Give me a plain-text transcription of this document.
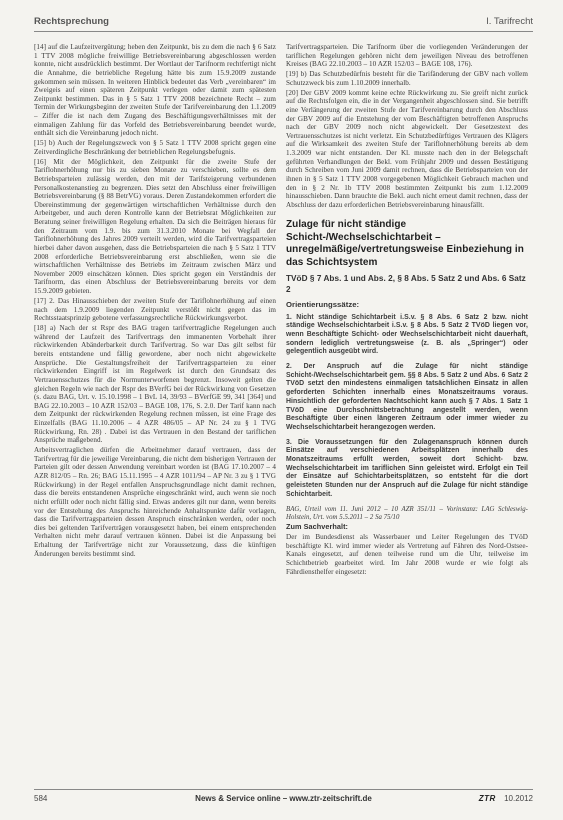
Rechtsprechung	I. Tarifrecht

[14] auf die Laufzeitvergütung; heben den Zeitpunkt, bis zu dem die nach § 6 Satz 1 TTV 2008 mögliche freiwillige Betriebsvereinbarung abgeschlossen werden konnte, nicht ausdrücklich bestimmt. Der Wortlaut der Tarifnorm rechtfertigt nicht die Annahme, die betriebliche Regelung hätte bis zum 15.9.2009 zustande gekommen sein müssen. In weiteren Hinblick bedeutet das Verb „vereinbaren“ im Zweigeis auf einen späteren Zeitpunkt verlegen oder damit zum spätesten Zeitpunkt bestimmen. Das in § 5 Satz 1 TTV 2008 bezeichnete Recht – zum Termin der Wirkungsbeginn der zweiten Stufe der Tarifvereinbarung den 1.1.2009 – Ziffer die ist nach dem Zugang des Beschäftigungsverhältnisses mit der einmaligen Zahlung für das Vorfeld des Betriebsvereinbarung beendet wurde, enthält sich die Vereinbarung jedoch nicht.

[15] b) Auch der Regelungszweck von § 5 Satz 1 TTV 2008 spricht gegen eine Zeitverdingliche Beschränkung der betrieblichen Regelungsbefugnis.

[16] Mit der Möglichkeit, den Zeitpunkt für die zweite Stufe der Tariflohnerhöhung nur bis zu sieben Monate zu verschieben, sollte es dem Betriebsparteien zulässig werden, den mit der Tarifsteigerung verbundenen Personalkostenanstieg zu begrenzen. Dies setzt den Abschluss einer freiwilligen Betriebsvereinbarung (§ 88 BetrVG) voraus. Deren Zustandekommen erfordert die Übereinstimmung der gegenwärtigen wirtschaftlichen Verhältnisse durch den Arbeitgeber, und auch deren Kontrolle kann der Betriebsrat Möglichkeiten zur Beratung seiner freiwilligen Regelung erhalten. Da sich die Beiträgen hieraus für den Zeitraum vom 1.9. bis zum 31.3.2010 Monate bei Wegfall der Tariflohnerhöhung des Jahres 2009 verteilt werden, wird die Tarifvertragsparteien hierbei daher davon ausgehen, dass die Betriebsparteien die nach § 5 Satz 1 TTV 2008 erforderliche Betriebsvereinbarung erst abschließen, wenn sie die wirtschaftlichen Verhältnisse des Betriebs im Zeitraum zwischen März und November 2009 einschätzen können. Dies spricht gegen ein Verständnis der Tarifnorm, das einen Abschluss der Betriebsvereinbarung bereits vor dem 15.9.2009 gebieten.

[17] 2. Das Hinausschieben der zweiten Stufe der Tariflohnerhöhung auf einen nach dem 1.9.2009 liegenden Zeitpunkt verstößt nicht gegen das im Rechtsstaatsprinzip gebotene verfassungsrechtliche Rückwirkungsverbot.

[18] a) Nach der st Rspr des BAG tragen tarifvertragliche Regelungen auch während der Laufzeit des Tarifvertrags den immanenten Vorbehalt ihrer rückwirkenden Abänderbarkeit durch Tarifvertrag. So war Das gilt selbst für bereits entstandene und fällig gewordene, aber noch nicht abgewickelte Ansprüche. Die Gestaltungsfreiheit der Tarifvertragsparteien zu einer rückwirkenden Eingriff ist im Regelwerk ist durch den Grundsatz des Vertrauensschutzes für die Normunterworfenen begrenzt. Insoweit gelten die gleichen Regeln wie nach der Rspr des BVerfG bei der Rückwirkung von Gesetzen (s. dazu BAG, Urt. v. 15.10.1998 – 1 BvL 14, 39/93 – BVerfGE 99, 341 [364] und BAG 22.10.2003 – 10 AZR 152/03 – BAGE 108, 176, S. 2.0. Der Tarif kann nach dem Zeitpunkt der rückwirkenden Regelung rechnen müssen, ist eine Frage des Einzelfalls (BAG 11.10.2006 – 4 AZR 486/05 – AP Nr. 24 zu § 1 TVG Rückwirkung, Rn. 28) . Dabei ist das Vertrauen in den Bestand der tariflichen Ansprüche maßgebend.

Arbeitsvertraglichen dürfen die Arbeitnehmer darauf vertrauen, dass der Tarifvertrag für die jeweilige Vereinbarung, die nicht dem bisherigen Vertrauen der Parteien gilt oder dessen Anwendung vereinbart worden ist (BAG 17.10.2007 – 4 AZR 812/05 – Rn. 26; BAG 15.11.1995 – 4 AZR 1011/94 – AP Nr. 3 zu § 1 TVG Rückwirkung) in der Regel entfallen Anspruchsgrundlage nicht damit rechnen, dass die bereits entstandenen Ansprüche eingeschränkt wird, auch wenn sie noch nicht erfüllt oder noch nicht fällig sind. Etwas anderes gilt nur dann, wenn bereits vor der Entstehung des Anspruchs hinreichende Anhaltspunkte dafür vorlagen, dass die Tarifvertragsparteien dessen Anspruch einschränken werden, oder noch dies bei geltenden Tarifverträgen vorausgesetzt haben, bei einem entsprechenden Verhalten nicht mehr darauf vertrauen können. Dabei ist die Anpassung bei Erhaltung der Tarifverträge nicht zur Voraussetzung, dass die künftigen Änderungen bereits bestimmt sind.

Tarifvertragsparteien. Die Tarifnorm über die vorliegenden Veränderungen der tariflichen Regelungen gehören nicht dem jeweiligen Niveau des betroffenen Kreises (BAG 22.10.2003 – 10 AZR 152/03 – BAGE 108, 176).

[19] b) Das Schutzbedürfnis besteht für die Tarifänderung der GBV nach vollem Schutzzweck bis zum 1.10.2009 innerhalb.

[20] Der GBV 2009 kommt keine echte Rückwirkung zu. Sie greift nicht zurück auf die Rechtsfolgen ein, die in der Vergangenheit abgeschlossen sind. Sie betrifft eine Verlängerung der zweiten Stufe der Tarifvereinbarung durch den Abschluss der GBV 2009 auf die Entstehung der vom Beschäftigten betroffenen Anspruchs nach der GBV 2009 noch nicht abgewickelt. Der Gesetzestext des Vertrauensschutzes ist nicht verletzt. Ein Schutzbedürftiges Vertrauen des Klägers auf die Wirksamkeit des zweiten Stufe der Tariflohnerhöhung bereits ab dem 1.3.2009 war nicht entstanden. Der Kl. musste nach den in der Belegschaft geführten Verhandlungen der Bekl. vom Frühjahr 2009 und dessen Bestätigung durch Schreiben vom Juni 2009 damit rechnen, dass die Betriebsparteien von der ihnen in § 5 Satz 1 TTV 2008 vorgegebenen Möglichkeit Gebrauch machen und den in § 2 Nr. 1b TTV 2008 bestimmten Zeitpunkt bis zum 1.12.2009 hinausschieben. Dann brauchte die Bekl. auch nicht erneut damit rechnen, dass der Abschluss der dazu erforderlichen Betriebsvereinbarung hinausfällt.

Zulage für nicht ständige Schicht-/Wechselschichtarbeit – unregelmäßige/vertretungsweise Einbeziehung in das Schichtsystem
TVöD § 7 Abs. 1 und Abs. 2, § 8 Abs. 5 Satz 2 und Abs. 6 Satz 2
Orientierungssätze:
1. Nicht ständige Schichtarbeit i.S.v. § 8 Abs. 6 Satz 2 bzw. nicht ständige Wechselschichtarbeit i.S.v. § 8 Abs. 5 Satz 2 TVöD liegen vor, wenn Beschäftigte Schicht- oder Wechselschichtarbeit nicht dauerhaft, sondern lediglich vertretungsweise (z. B. als „Springer“) oder gelegentlich ausgeübt wird.
2. Der Anspruch auf die Zulage für nicht ständige Schicht-/Wechselschichtarbeit gem. §§ 8 Abs. 5 Satz 2 und Abs. 6 Satz 2 TVöD setzt den mindestens einmaligen tatsächlichen Einsatz in allen geforderten Schichten innerhalb eines Monatszeitraums voraus. Hinsichtlich der geforderten Nachtschicht kann auch § 7 Abs. 1 Satz 1 TVöD eine Durchschnittsbetrachtung angestellt werden, wenn Beschäftigte über einen längeren Zeitraum oder immer wieder zu Wechselschichtarbeit herangezogen werden.
3. Die Voraussetzungen für den Zulagenanspruch können durch Einsätze auf verschiedenen Arbeitsplätzen innerhalb des Monatszeitraums erfüllt werden, soweit dort Schicht- bzw. Wechselschichtarbeit im tariflichen Sinn geleistet wird. Erfolgt ein Teil der Einsätze auf Schichtarbeitsplätzen, so entsteht für die dort geleisteten Stunden nur der Anspruch auf die Zulage für nicht ständige Schichtarbeit.

BAG, Urteil vom 11. Juni 2012 – 10 AZR 351/11 – Vorinstanz: LAG Schleswig-Holstein, Urt. vom 5.5.2011 – 2 Sa 75/10

Zum Sachverhalt:

Der im Bundesdienst als Wasserbauer und Leiter Regelungen des TVöD beschäftigte Kl. wird immer wieder als Vertretung auf Fähren des Nord-Ostsee-Kanals eingesetzt, auf denen teilweise rund um die Uhr, teilweise im Schichtbetrieb gearbeitet wird. Im Jahr 2008 wurde er wie folgt als Fährdiensthelfer eingesetzt:

584	News & Service online – www.ztr-zeitschrift.de	ZTR 10.2012
